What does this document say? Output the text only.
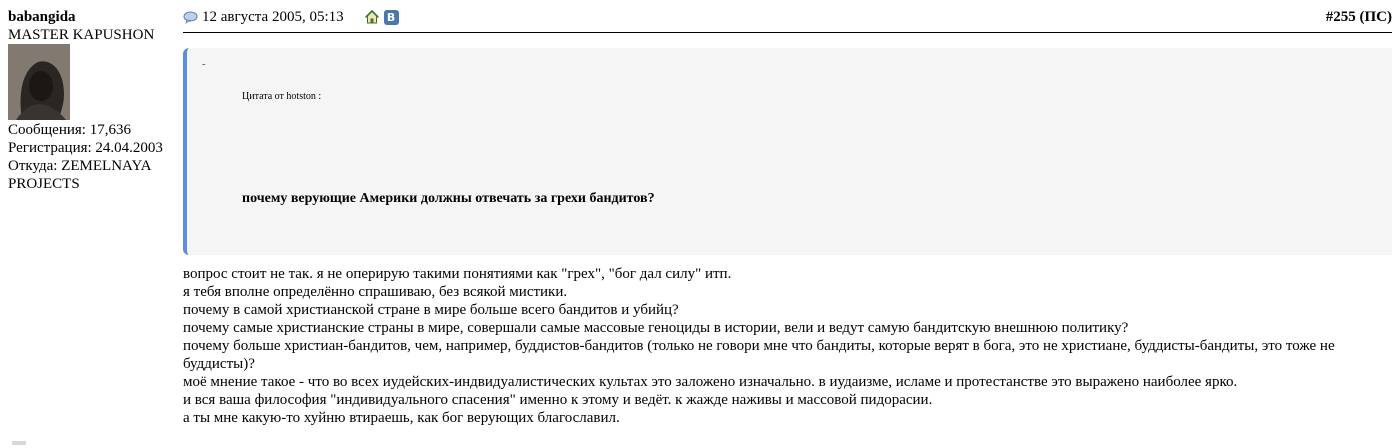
babangida
MASTER KAPUSHON
Сообщения: 17,636
Регистрация: 24.04.2003
Откуда: ZEMELNAYA PROJECTS
12 августа 2005, 05:13	B	#255 (ПС)
-
Цитата от hotston :
почему верующие Америки должны отвечать за грехи бандитов?

вопрос стоит не так. я не оперирую такими понятиями как "грех", "бог дал силу" итп.

я тебя вполне определённо спрашиваю, без всякой мистики.

почему в самой христианской стране в мире больше всего бандитов и убийц?

почему самые христианские страны в мире, совершали самые массовые геноциды в истории, вели и ведут самую бандитскую внешнюю политику?

почему больше христиан-бандитов, чем, например, буддистов-бандитов (только не говори мне что бандиты, которые верят в бога, это не христиане, буддисты-бандиты, это тоже не буддисты)?

моё мнение такое - что во всех иудейских-индвидуалистических культах это заложено изначально. в иудаизме, исламе и протестанстве это выражено наиболее ярко.

и вся ваша философия "индивидуального спасения" именно к этому и ведёт. к жажде наживы и массовой пидорасии.

а ты мне какую-то хуйню втираешь, как бог верующих благославил.
